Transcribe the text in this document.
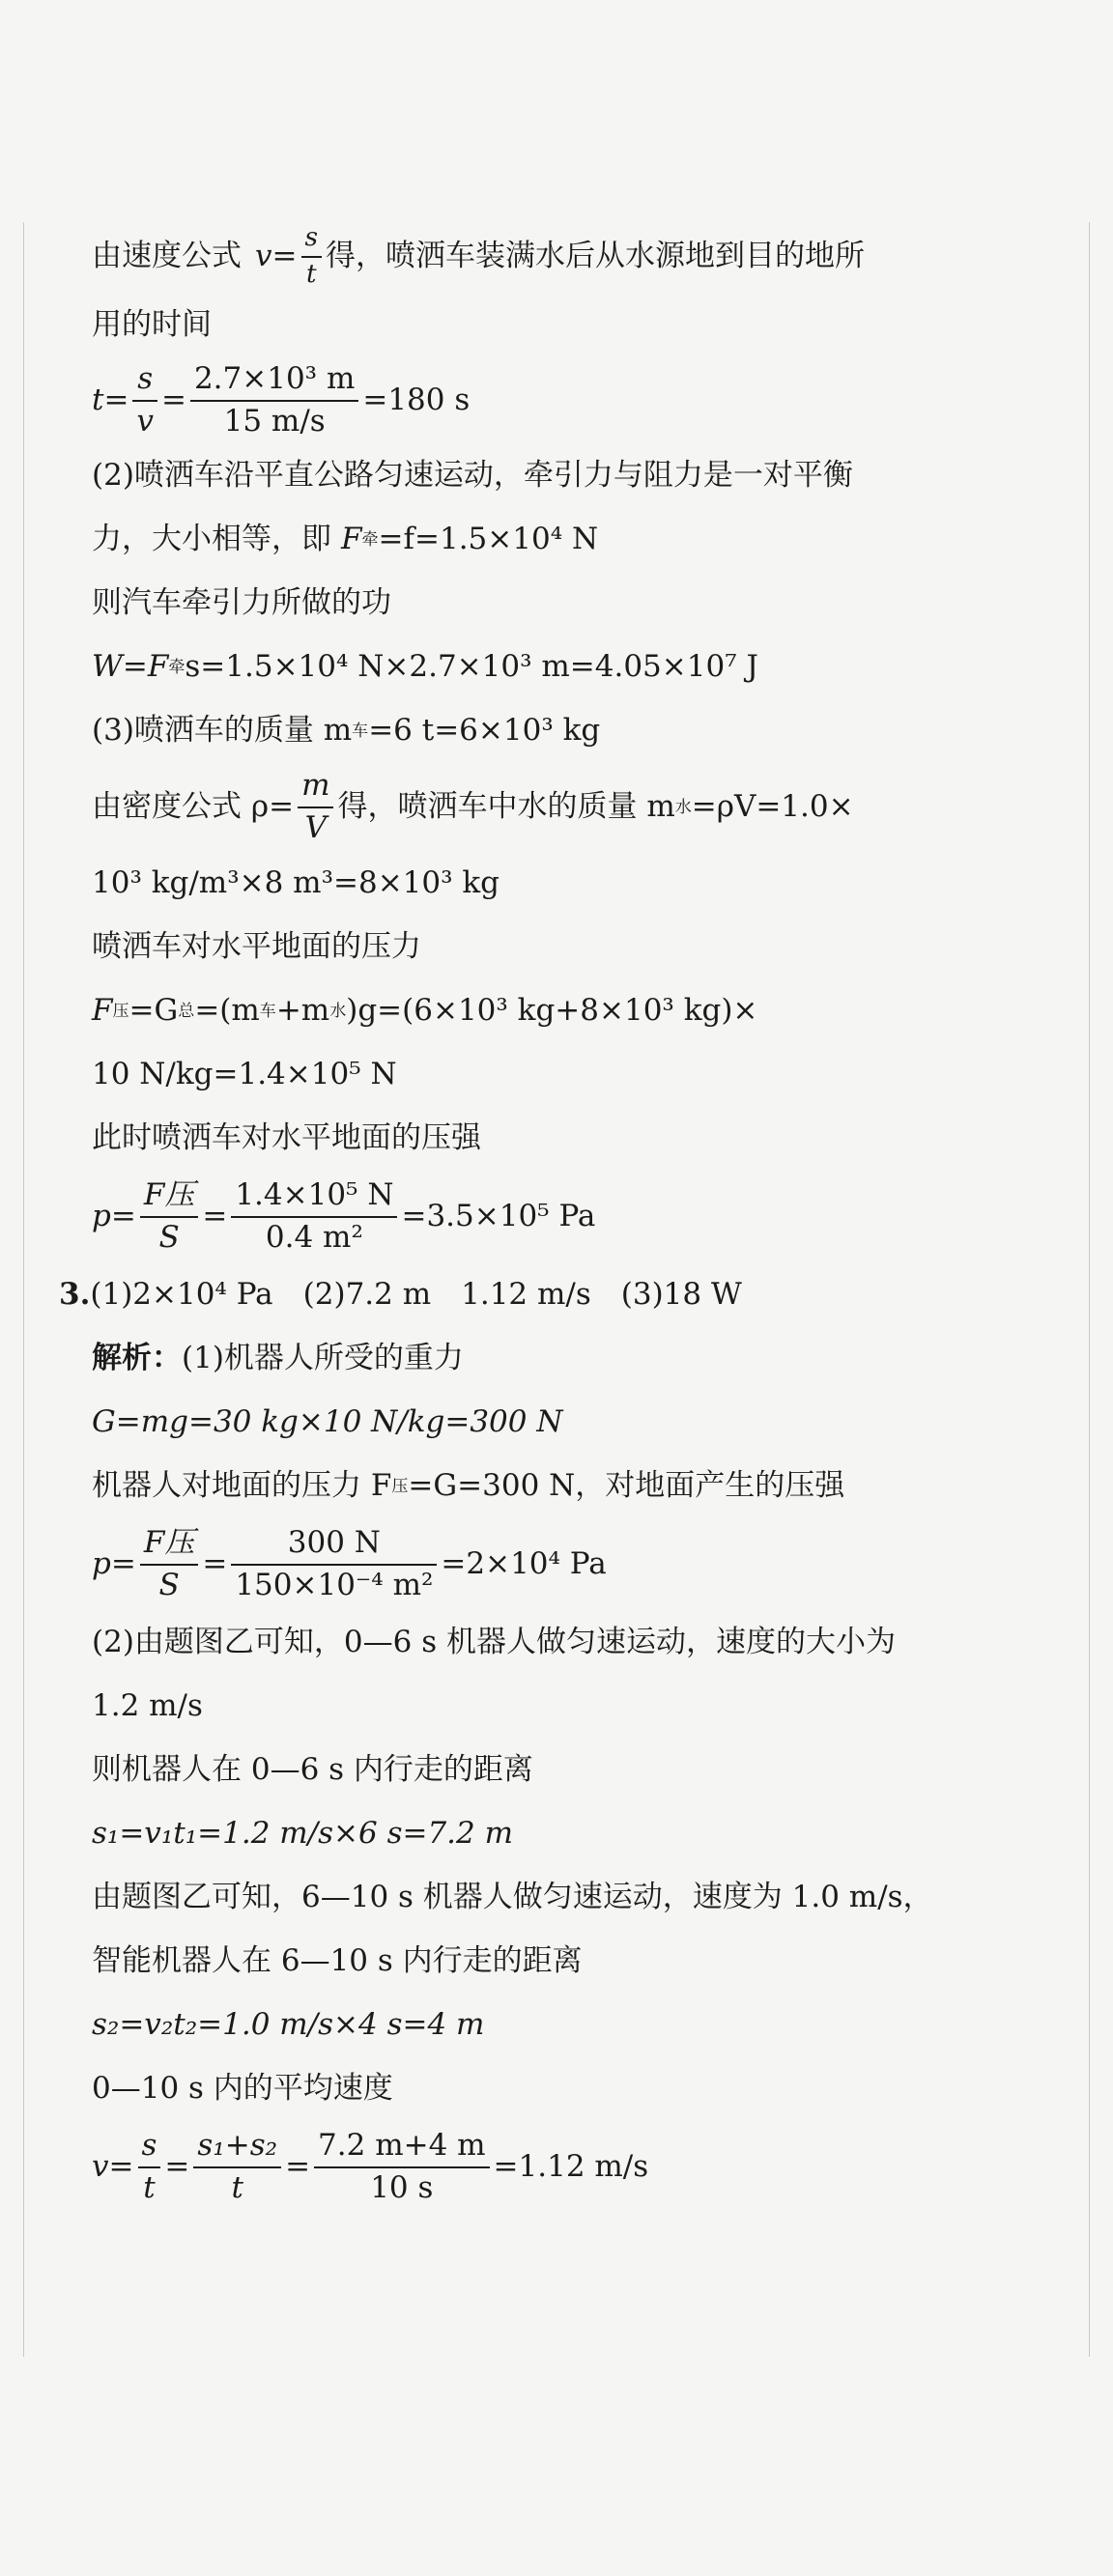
由速度公式 $v = \frac{s}{t}$ 得，喷洒车装满水后从水源地到目的地所
用的时间
$t = \frac{s}{v} = \frac{\text{2.7×10³ m}}{15 m/s} =180$ s
(2)喷洒车沿平直公路匀速运动，牵引力与阻力是一对平衡
力，大小相等，即 F 牵 =f=1.5×10⁴ N
则汽车牵引力所做的功
W=F 牵 s=1.5×10⁴ N×2.7×10³ m=4.05×10⁷ J
(3)喷洒车的质量 m 车 =6 t=6×10³ kg
由密度公式 $\rho= \frac{m}{V}$ 得，喷洒车中水的质量 m 水 =ρV=1.0×
10³ kg/m³×8 m³=8×10³ kg
喷洒车对水平地面的压力
F 压 =G 总 =(m 车 +m 水 )g=(6×10³ kg+8×10³ kg)×
10 N/kg=1.4×10⁵ N
此时喷洒车对水平地面的压强
$p= \frac{\text{F压}}{S} = \frac{\text{1.4×10⁵ N}}{\text{0.4 m²}} =3.5\times 10^5$ Pa
3. (1)2×10⁴ Pa　(2)7.2 m　1.12 m/s　(3)18 W
解析： (1)机器人所受的重力
G=mg=30 kg×10 N/kg=300 N
机器人对地面的压力 F 压 =G=300 N，对地面产生的压强
$p= \frac{\text{F压}}{S} = \frac{300 N}{\text{150×10⁻⁴ m²}} =2\times 10^4$ Pa
(2)由题图乙可知，0—6 s 机器人做匀速运动，速度的大小为
1.2 m/s
则机器人在 0—6 s 内行走的距离
s₁=v₁t₁=1.2 m/s×6 s=7.2 m
由题图乙可知，6—10 s 机器人做匀速运动，速度为 1.0 m/s，
智能机器人在 6—10 s 内行走的距离
s₂=v₂t₂=1.0 m/s×4 s=4 m
0—10 s 内的平均速度
$v= \frac{s}{t} = \frac{\text{s₁+s₂}}{t} = \frac{7.2 m+4 m}{10 s} =1.12$ m/s
